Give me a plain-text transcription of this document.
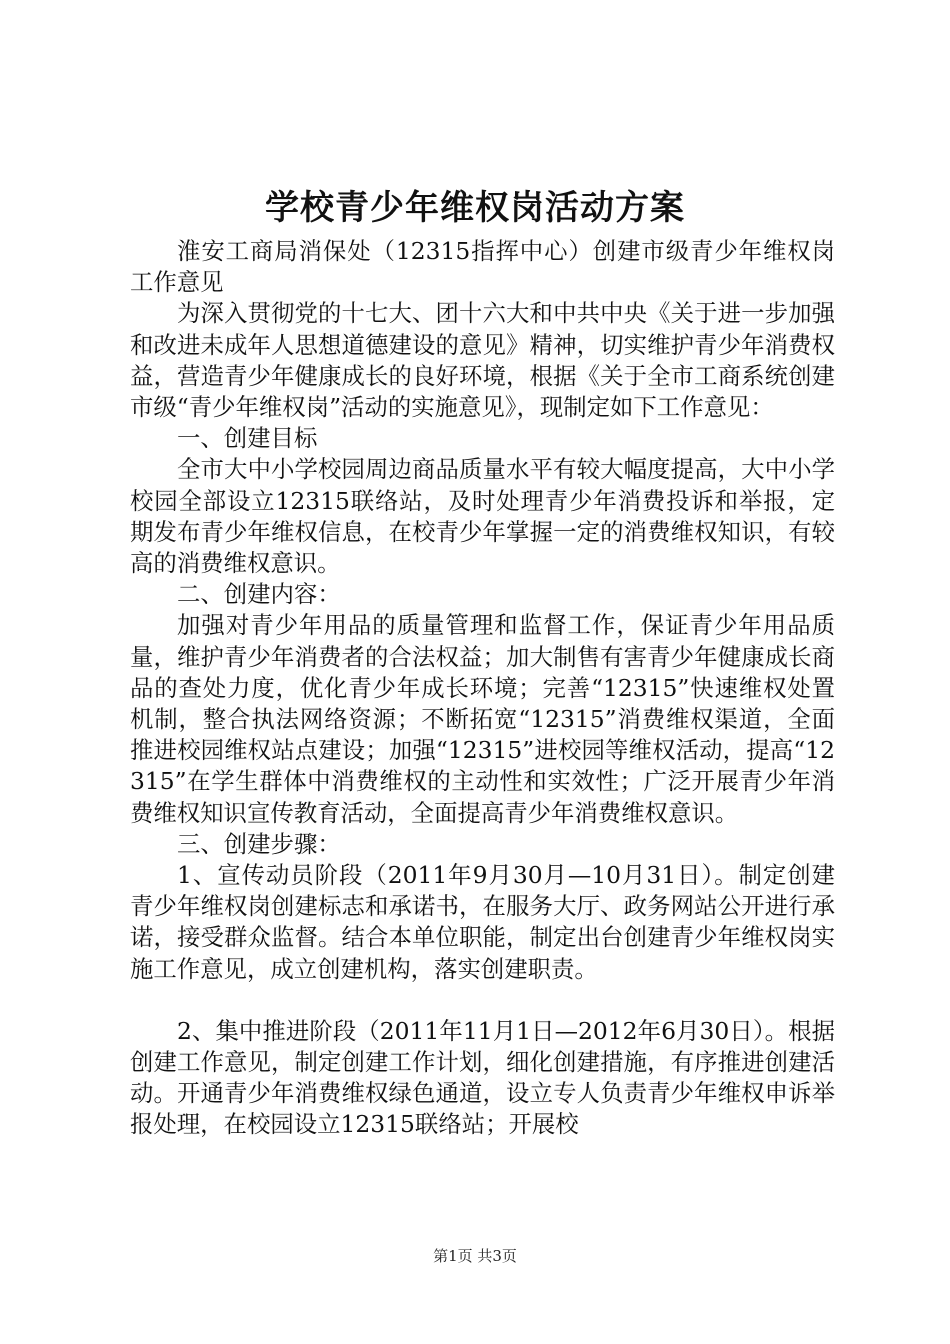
学校青少年维权岗活动方案

淮安工商局消保处（12315指挥中心）创建市级青少年维权岗工作意见

为深入贯彻党的十七大、团十六大和中共中央《关于进一步加强和改进未成年人思想道德建设的意见》精神，切实维护青少年消费权益，营造青少年健康成长的良好环境，根据《关于全市工商系统创建市级“青少年维权岗”活动的实施意见》，现制定如下工作意见：

一、创建目标

全市大中小学校园周边商品质量水平有较大幅度提高，大中小学校园全部设立12315联络站，及时处理青少年消费投诉和举报，定期发布青少年维权信息，在校青少年掌握一定的消费维权知识，有较高的消费维权意识。

二、创建内容：

加强对青少年用品的质量管理和监督工作，保证青少年用品质量，维护青少年消费者的合法权益；加大制售有害青少年健康成长商品的查处力度，优化青少年成长环境；完善“12315”快速维权处置机制，整合执法网络资源；不断拓宽“12315”消费维权渠道，全面推进校园维权站点建设；加强“12315”进校园等维权活动，提高“12315”在学生群体中消费维权的主动性和实效性；广泛开展青少年消费维权知识宣传教育活动，全面提高青少年消费维权意识。

三、创建步骤：

1、宣传动员阶段（2011年9月30月—10月31日）。制定创建青少年维权岗创建标志和承诺书，在服务大厅、政务网站公开进行承诺，接受群众监督。结合本单位职能，制定出台创建青少年维权岗实施工作意见，成立创建机构，落实创建职责。

2、集中推进阶段（2011年11月1日—2012年6月30日）。根据创建工作意见，制定创建工作计划，细化创建措施，有序推进创建活动。开通青少年消费维权绿色通道，设立专人负责青少年维权申诉举报处理，在校园设立12315联络站；开展校

第1页 共3页
